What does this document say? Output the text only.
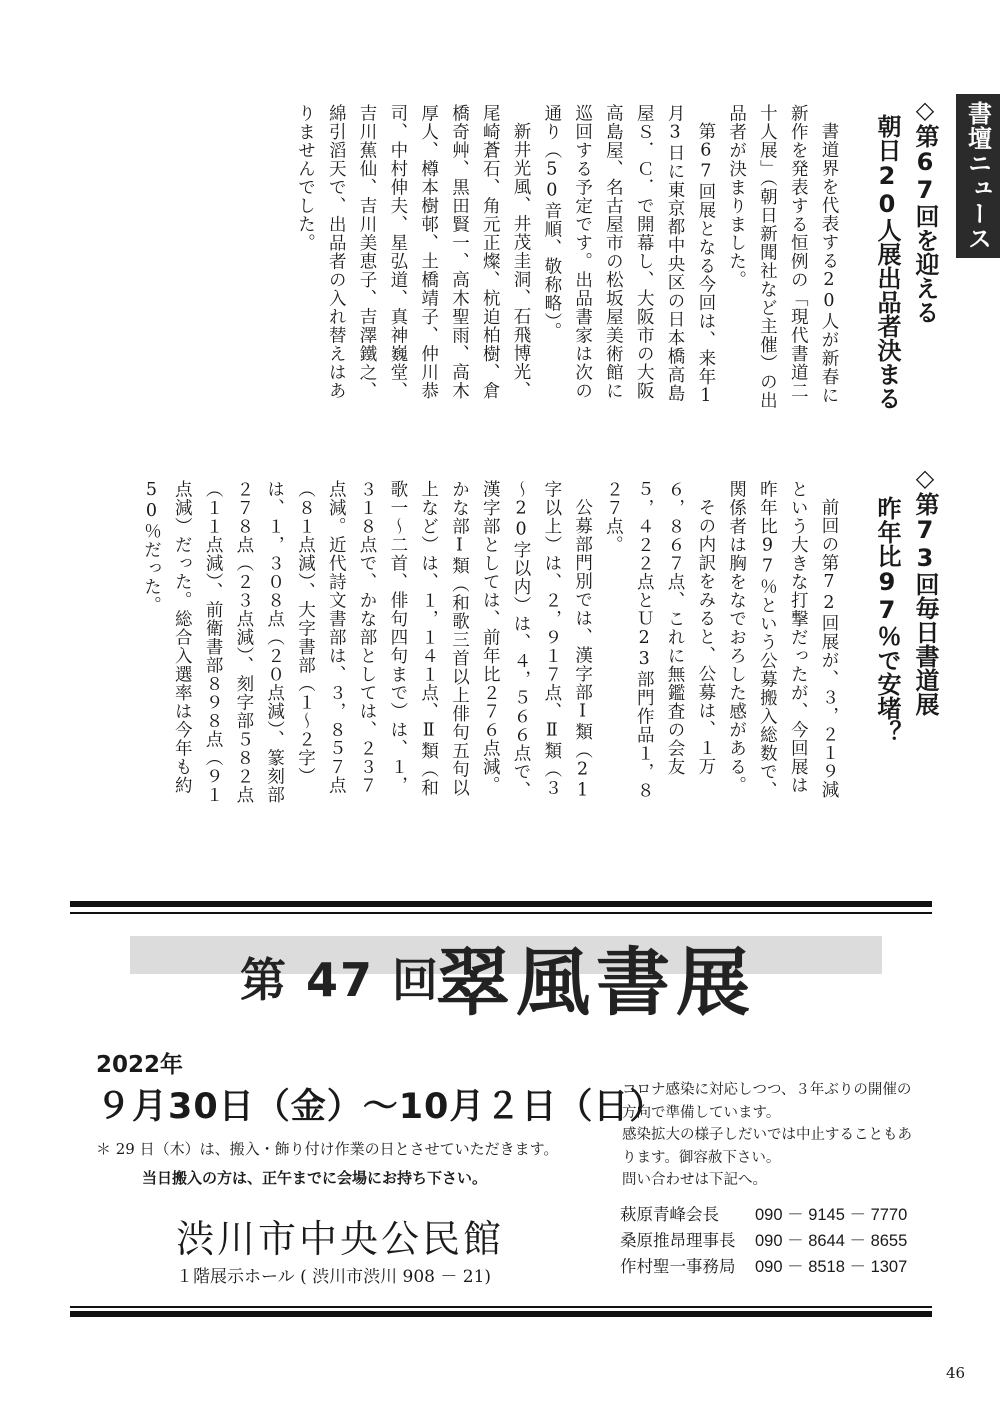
書壇ニュース
◇第67回を迎える
朝日20人展出品者決まる

書道界を代表する20人が新春に新作を発表する恒例の「現代書道二十人展」（朝日新聞社など主催）の出品者が決まりました。

第67回展となる今回は、来年1月3日に東京都中央区の日本橋高島屋Ｓ．Ｃ．で開幕し、大阪市の大阪高島屋、名古屋市の松坂屋美術館に巡回する予定です。出品書家は次の通り（50音順、敬称略）。

新井光風、井茂圭洞、石飛博光、尾崎蒼石、角元正燦、杭迫柏樹、倉橋奇艸、黒田賢一、高木聖雨、高木厚人、樽本樹邨、土橋靖子、仲川恭司、中村伸夫、星弘道、真神巍堂、吉川蕉仙、吉川美恵子、吉澤鐵之、綿引滔天で、出品者の入れ替えはありませんでした。

◇第73回毎日書道展
昨年比97％で安堵？

前回の第72回展が、３，２１９減という大きな打撃だったが、今回展は昨年比97％という公募搬入総数で、関係者は胸をなでおろした感がある。

その内訳をみると、公募は、１万６，８６７点、これに無鑑査の会友５，４２２点とＵ23部門作品１，８２７点。

公募部門別では、漢字部Ⅰ類（21字以上）は、２，９１７点、Ⅱ類（３～20字以内）は、４，５６６点で、漢字部としては、前年比２７６点減。かな部Ⅰ類（和歌三首以上俳句五句以上など）は、１，１４１点、Ⅱ類（和歌一～二首、俳句四句まで）は、１，３１８点で、かな部としては、２３７点減。近代詩文書部は、３，８５７点（８１点減）、大字書部（１～２字）は、１，３０８点（２０点減）、篆刻部２７８点（２３点減）、刻字部５８２点（１１点減）、前衛書部８９８点（９１点減）だった。総合入選率は今年も約50％だった。

第 47 回
翠風書展
2022年
９月30日（金）～10月２日（日）
＊ 29 日（木）は、搬入・飾り付け作業の日とさせていただきます。
当日搬入の方は、正午までに会場にお持ち下さい。
渋川市中央公民館
１階展示ホール ( 渋川市渋川 908 － 21)
コロナ感染に対応しつつ、３年ぶりの開催の
方向で準備しています。
感染拡大の様子しだいでは中止することもあ
ります。御容赦下さい。
問い合わせは下記へ。
萩原青峰会長	090 － 9145 － 7770
桑原推昂理事長	090 － 8644 － 8655
作村聖一事務局	090 － 8518 － 1307
46
